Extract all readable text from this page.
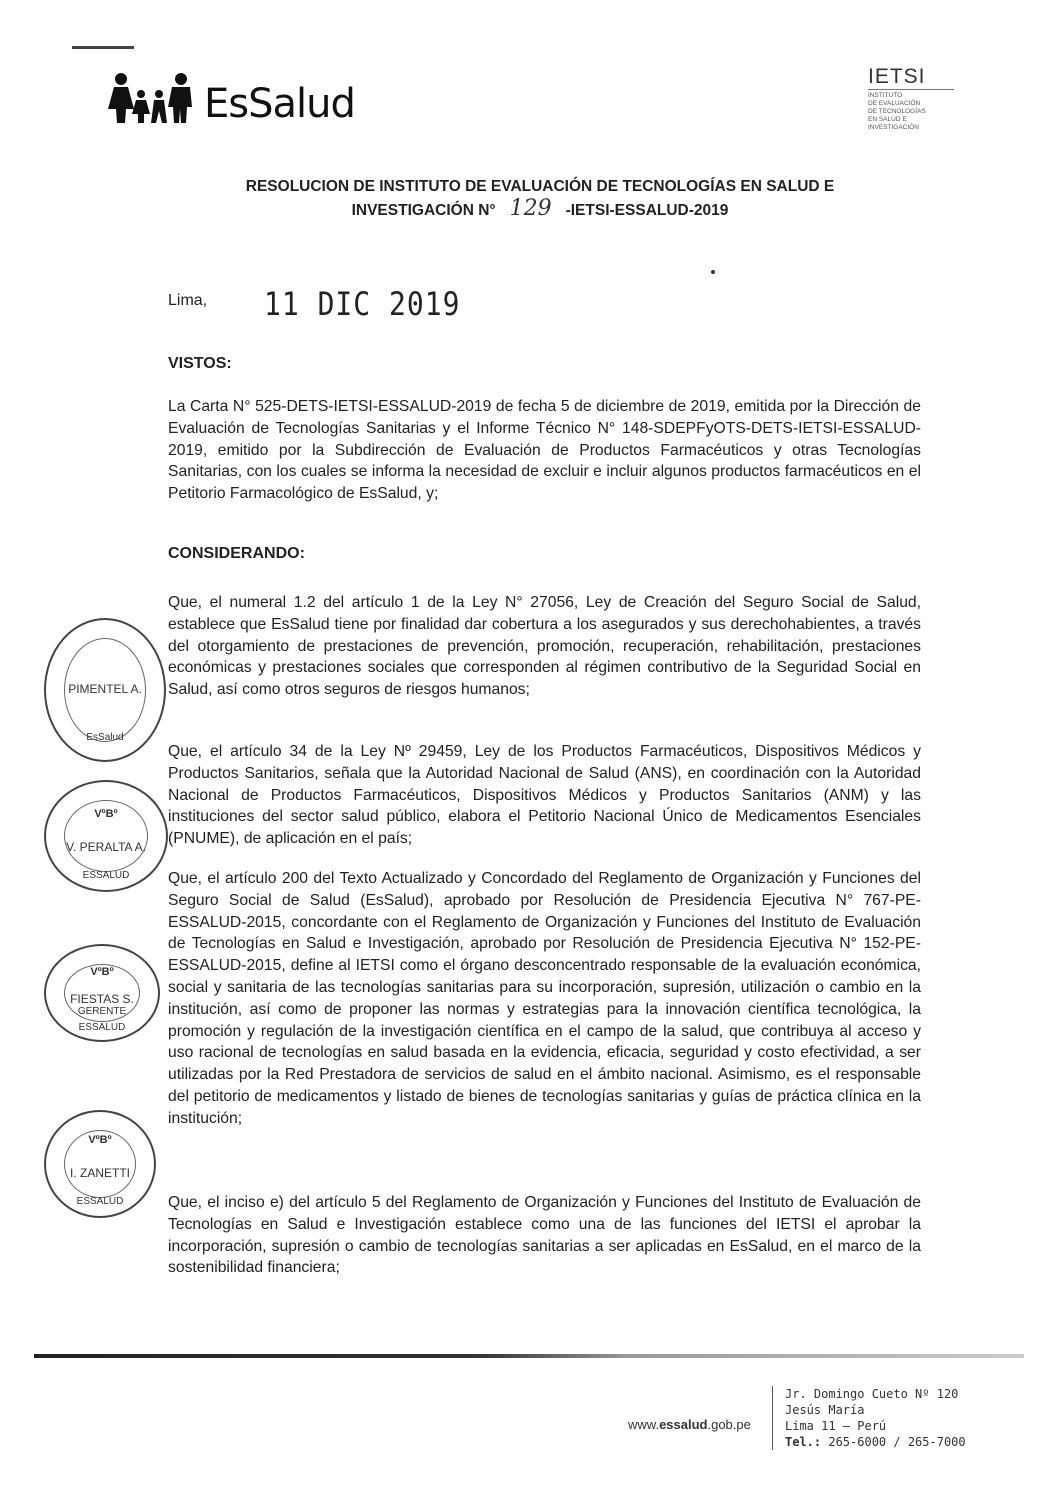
EsSalud
IETSI
INSTITUTO
DE EVALUACIÓN
DE TECNOLOGÍAS
EN SALUD E
INVESTIGACIÓN
RESOLUCION DE INSTITUTO DE EVALUACIÓN DE TECNOLOGÍAS EN SALUD E
INVESTIGACIÓN N° 129 -IETSI-ESSALUD-2019
Lima, 11 DIC 2019
VISTOS:

La Carta N° 525-DETS-IETSI-ESSALUD-2019 de fecha 5 de diciembre de 2019, emitida por la Dirección de Evaluación de Tecnologías Sanitarias y el Informe Técnico N° 148-SDEPFyOTS-DETS-IETSI-ESSALUD-2019, emitido por la Subdirección de Evaluación de Productos Farmacéuticos y otras Tecnologías Sanitarias, con los cuales se informa la necesidad de excluir e incluir algunos productos farmacéuticos en el Petitorio Farmacológico de EsSalud, y;

CONSIDERANDO:

Que, el numeral 1.2 del artículo 1 de la Ley N° 27056, Ley de Creación del Seguro Social de Salud, establece que EsSalud tiene por finalidad dar cobertura a los asegurados y sus derechohabientes, a través del otorgamiento de prestaciones de prevención, promoción, recuperación, rehabilitación, prestaciones económicas y prestaciones sociales que corresponden al régimen contributivo de la Seguridad Social en Salud, así como otros seguros de riesgos humanos;

Que, el artículo 34 de la Ley Nº 29459, Ley de los Productos Farmacéuticos, Dispositivos Médicos y Productos Sanitarios, señala que la Autoridad Nacional de Salud (ANS), en coordinación con la Autoridad Nacional de Productos Farmacéuticos, Dispositivos Médicos y Productos Sanitarios (ANM) y las instituciones del sector salud público, elabora el Petitorio Nacional Único de Medicamentos Esenciales (PNUME), de aplicación en el país;

Que, el artículo 200 del Texto Actualizado y Concordado del Reglamento de Organización y Funciones del Seguro Social de Salud (EsSalud), aprobado por Resolución de Presidencia Ejecutiva N° 767-PE-ESSALUD-2015, concordante con el Reglamento de Organización y Funciones del Instituto de Evaluación de Tecnologías en Salud e Investigación, aprobado por Resolución de Presidencia Ejecutiva N° 152-PE-ESSALUD-2015, define al IETSI como el órgano desconcentrado responsable de la evaluación económica, social y sanitaria de las tecnologías sanitarias para su incorporación, supresión, utilización o cambio en la institución, así como de proponer las normas y estrategias para la innovación científica tecnológica, la promoción y regulación de la investigación científica en el campo de la salud, que contribuya al acceso y uso racional de tecnologías en salud basada en la evidencia, eficacia, seguridad y costo efectividad, a ser utilizadas por la Red Prestadora de servicios de salud en el ámbito nacional. Asimismo, es el responsable del petitorio de medicamentos y listado de bienes de tecnologías sanitarias y guías de práctica clínica en la institución;

Que, el inciso e) del artículo 5 del Reglamento de Organización y Funciones del Instituto de Evaluación de Tecnologías en Salud e Investigación establece como una de las funciones del IETSI el aprobar la incorporación, supresión o cambio de tecnologías sanitarias a ser aplicadas en EsSalud, en el marco de la sostenibilidad financiera;

PIMENTEL A.
EsSalud
VºBº
V. PERALTA A.
ESSALUD
VºBº
FIESTAS S.
GERENTE
ESSALUD
VºBº
I. ZANETTI
ESSALUD
www.essalud.gob.pe
Jr. Domingo Cueto Nº 120
Jesús María
Lima 11 – Perú
Tel.: 265-6000 / 265-7000
